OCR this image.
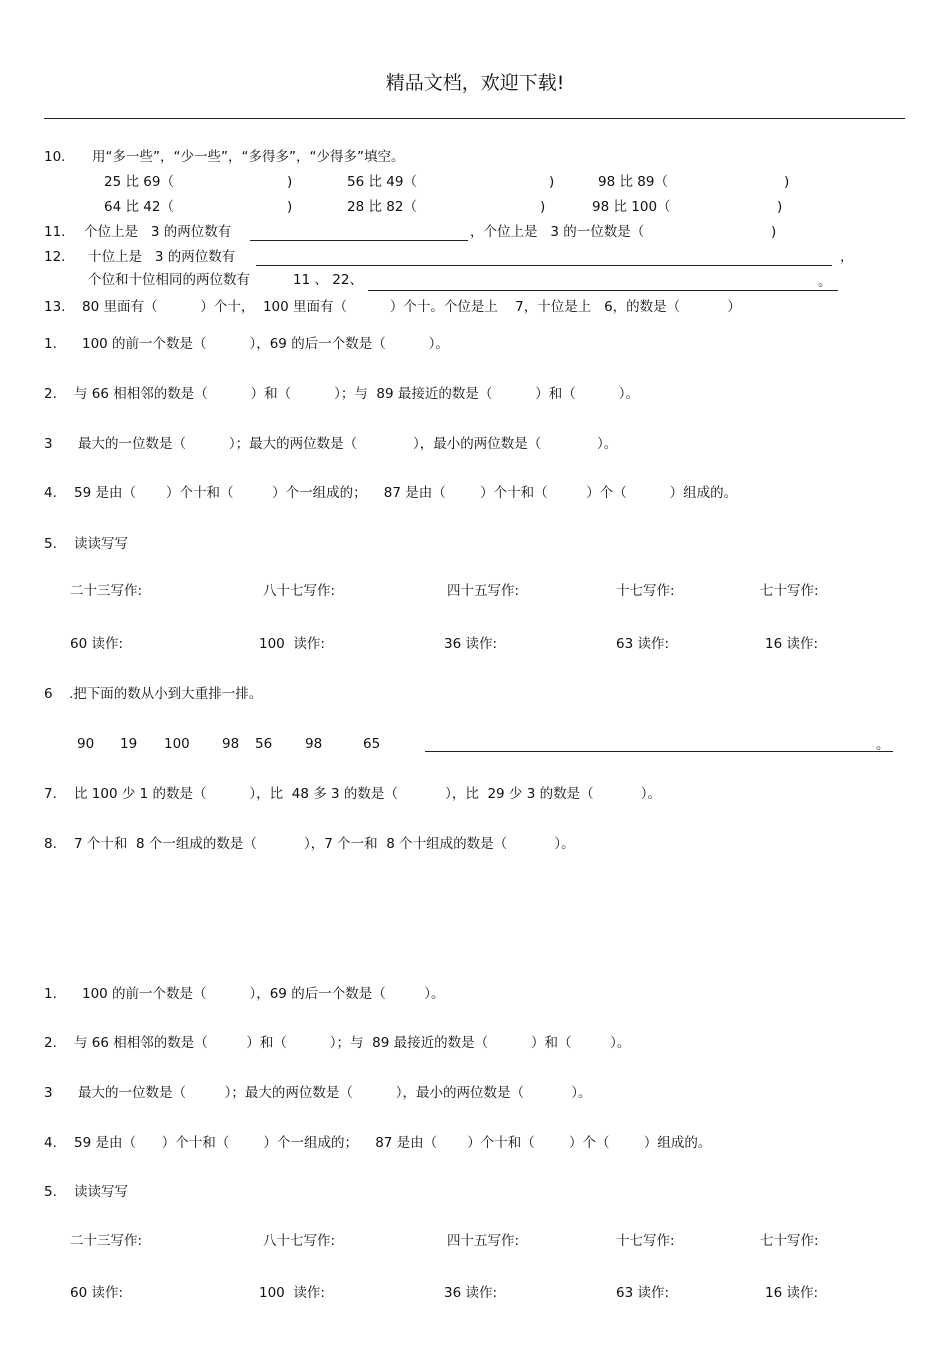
精品文档，欢迎下载!
10. 用“多一些”，“少一些”，“多得多”，“少得多”填空。
25 比 69（	)	56 比 49（	)	98 比 89（	)
64 比 42（	)	28 比 82（	)	98 比 100（	)
11. 个位上是   3 的两位数有	，个位上是   3 的一位数是（	)
12. 十位上是   3 的两位数有	，
个位和十位相同的两位数有	11 、 22、	。
13. 80 里面有（          ）个十，  100 里面有（          ）个十。个位是上    7，十位是上   6，的数是（           ）
1. 100 的前一个数是（          ），69 的后一个数是（          ）。
2. 与 66 相相邻的数是（          ）和（          ）；与  89 最接近的数是（          ）和（          ）。
3 最大的一位数是（          ）；最大的两位数是（             ），最小的两位数是（             ）。
4. 59 是由（       ）个十和（         ）个一组成的；    87 是由（        ）个十和（         ）个（          ）组成的。
5. 读读写写
二十三写作:	八十七写作:	四十五写作:	十七写作:	七十写作:
60 读作:	100  读作:	36 读作:	63 读作:	16 读作:
6 .把下面的数从小到大重排一排。
90 19 100 98 56 98	65	。
7. 比 100 少 1 的数是（          ），比  48 多 3 的数是（           ），比  29 少 3 的数是（           ）。
8. 7 个十和  8 个一组成的数是（           ），7 个一和  8 个十组成的数是（           ）。
1. 100 的前一个数是（          ），69 的后一个数是（         ）。
2. 与 66 相相邻的数是（         ）和（          ）；与  89 最接近的数是（          ）和（         ）。
3 最大的一位数是（         ）；最大的两位数是（          ），最小的两位数是（           ）。
4. 59 是由（      ）个十和（        ）个一组成的；    87 是由（       ）个十和（        ）个（        ）组成的。
5. 读读写写
二十三写作:	八十七写作:	四十五写作:	十七写作:	七十写作:
60 读作:	100  读作:	36 读作:	63 读作:	16 读作:
